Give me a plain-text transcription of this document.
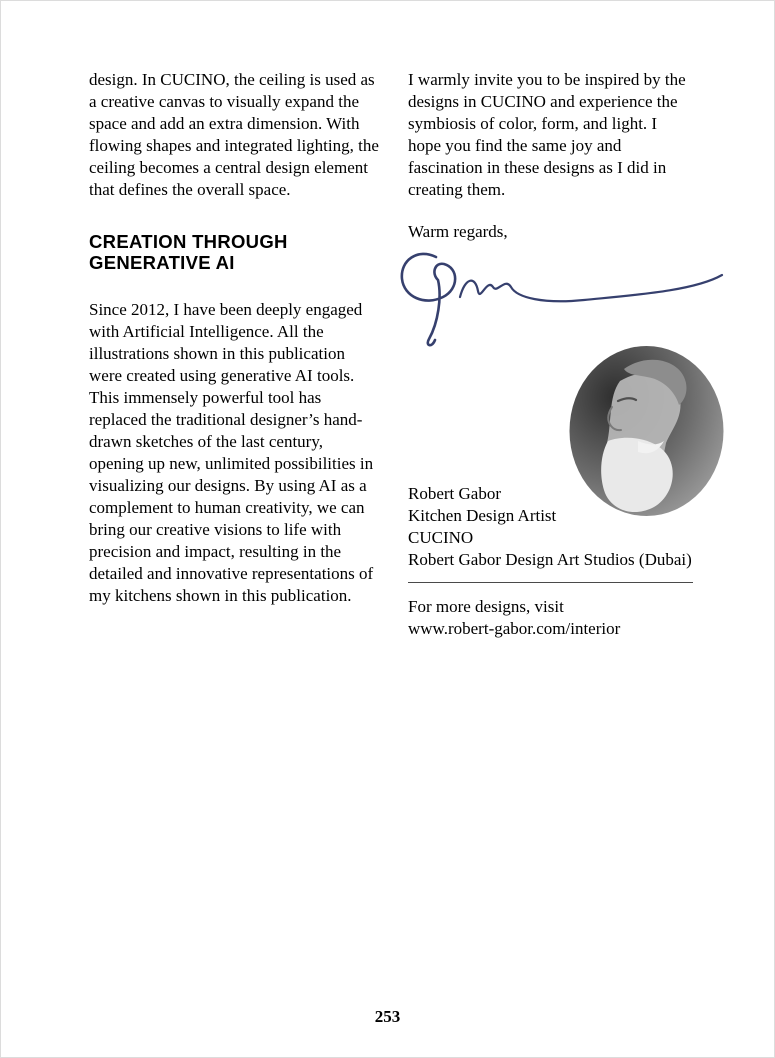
design. In CUCINO, the ceiling is used as a creative canvas to visually expand the space and add an extra dimension. With flowing shapes and integrated lighting, the ceiling becomes a central design element that defines the overall space.

CREATION THROUGH
GENERATIVE AI

Since 2012, I have been deeply engaged with Artificial Intelligence. All the illustrations shown in this publication were created using generative AI tools. This immensely powerful tool has replaced the traditional designer’s hand-drawn sketches of the last century, opening up new, unlimited possibilities in visualizing our designs. By using AI as a complement to human creativity, we can bring our creative visions to life with precision and impact, resulting in the detailed and innovative representations of my kitchens shown in this publication.

I warmly invite you to be inspired by the designs in CUCINO and experience the symbiosis of color, form, and light. I hope you find the same joy and fascination in these designs as I did in creating them.

Warm regards,

Robert Gabor
Kitchen Design Artist
CUCINO
Robert Gabor Design Art Studios (Dubai)
For more designs, visit
www.robert-gabor.com/interior
253
